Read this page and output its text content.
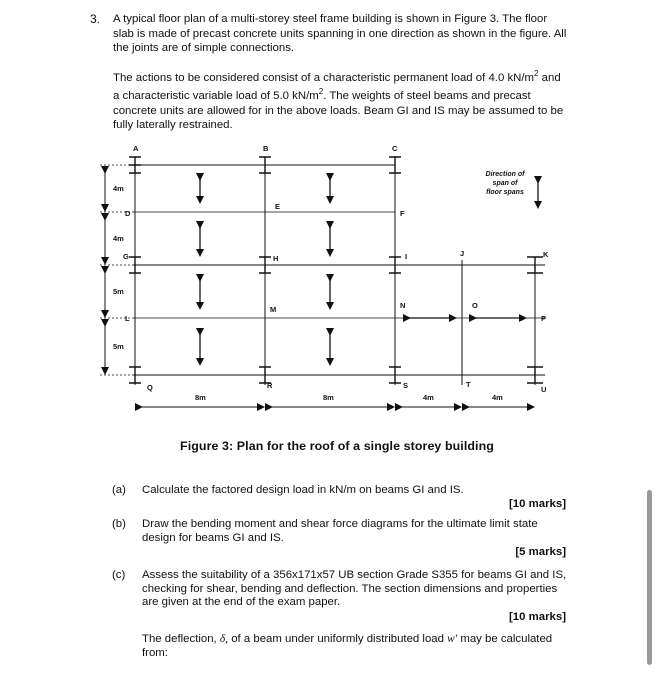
3. A typical floor plan of a multi-storey steel frame building is shown in Figure 3. The floor slab is made of precast concrete units spanning in one direction as shown in the figure. All the joints are of simple connections.

The actions to be considered consist of a characteristic permanent load of 4.0 $kN/m^2$ and a characteristic variable load of 5.0 $kN/m^2$. The weights of steel beams and precast concrete units are allowed for in the above loads. Beam GI and IS may be assumed to be fully laterally restrained.

A	B	C
D
E
F
G	H	I	J	K
L
M	N	O
P
Q	R	S	T
U
4m
4m
5m
5m
8m	8m	4m	4m
Direction of
span of
floor spans
Figure 3: Plan for the roof of a single storey building
(a) Calculate the factored design load in kN/m on beams GI and IS.
[10 marks]
(b) Draw the bending moment and shear force diagrams for the ultimate limit state design for beams GI and IS.
[5 marks]
(c) Assess the suitability of a 356x171x57 UB section Grade S355 for beams GI and IS, checking for shear, bending and deflection. The section dimensions and properties are given at the end of the exam paper.
[10 marks]
The deflection, δ, of a beam under uniformly distributed load w' may be calculated from:
